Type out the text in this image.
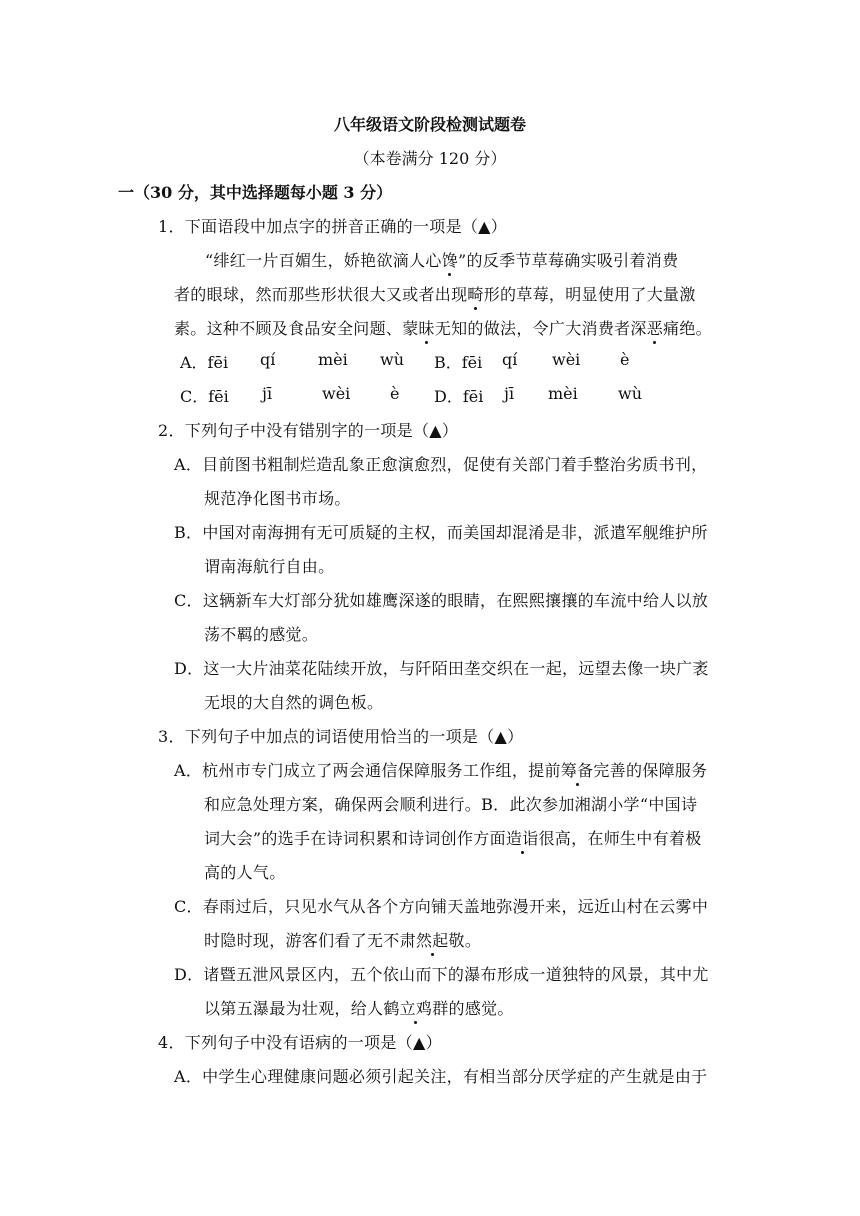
八年级语文阶段检测试题卷
（本卷满分 120 分）
一（30 分，其中选择题每小题 3 分）
1．下面语段中加点字的拼音正确的一项是（▲）
“绯红一片百媚生，娇艳欲滴人心馋”的反季节草莓确实吸引着消费
者的眼球，然而那些形状很大又或者出现畸形的草莓，明显使用了大量激
素。这种不顾及食品安全问题、蒙昧无知的做法，令广大消费者深恶痛绝。
A．fēi qí	mèi wù B．fēi qí wèi è
C．fēi jī	wèi è D．fēi jī mèi	wù
2．下列句子中没有错别字的一项是（▲）
A．目前图书粗制烂造乱象正愈演愈烈，促使有关部门着手整治劣质书刊，
规范净化图书市场。
B．中国对南海拥有无可质疑的主权，而美国却混淆是非，派遣军舰维护所
谓南海航行自由。
C．这辆新车大灯部分犹如雄鹰深遂的眼睛，在熙熙攘攘的车流中给人以放
荡不羁的感觉。
D．这一大片油菜花陆续开放，与阡陌田垄交织在一起，远望去像一块广袤
无垠的大自然的调色板。
3．下列句子中加点的词语使用恰当的一项是（▲）
A．杭州市专门成立了两会通信保障服务工作组，提前筹备完善的保障服务
和应急处理方案，确保两会顺利进行。B．此次参加湘湖小学“中国诗
词大会”的选手在诗词积累和诗词创作方面造诣很高，在师生中有着极
高的人气。
C．春雨过后，只见水气从各个方向铺天盖地弥漫开来，远近山村在云雾中
时隐时现，游客们看了无不肃然起敬。
D．诸暨五泄风景区内，五个依山而下的瀑布形成一道独特的风景，其中尤
以第五瀑最为壮观，给人鹤立鸡群的感觉。
4．下列句子中没有语病的一项是（▲）
A．中学生心理健康问题必须引起关注，有相当部分厌学症的产生就是由于
